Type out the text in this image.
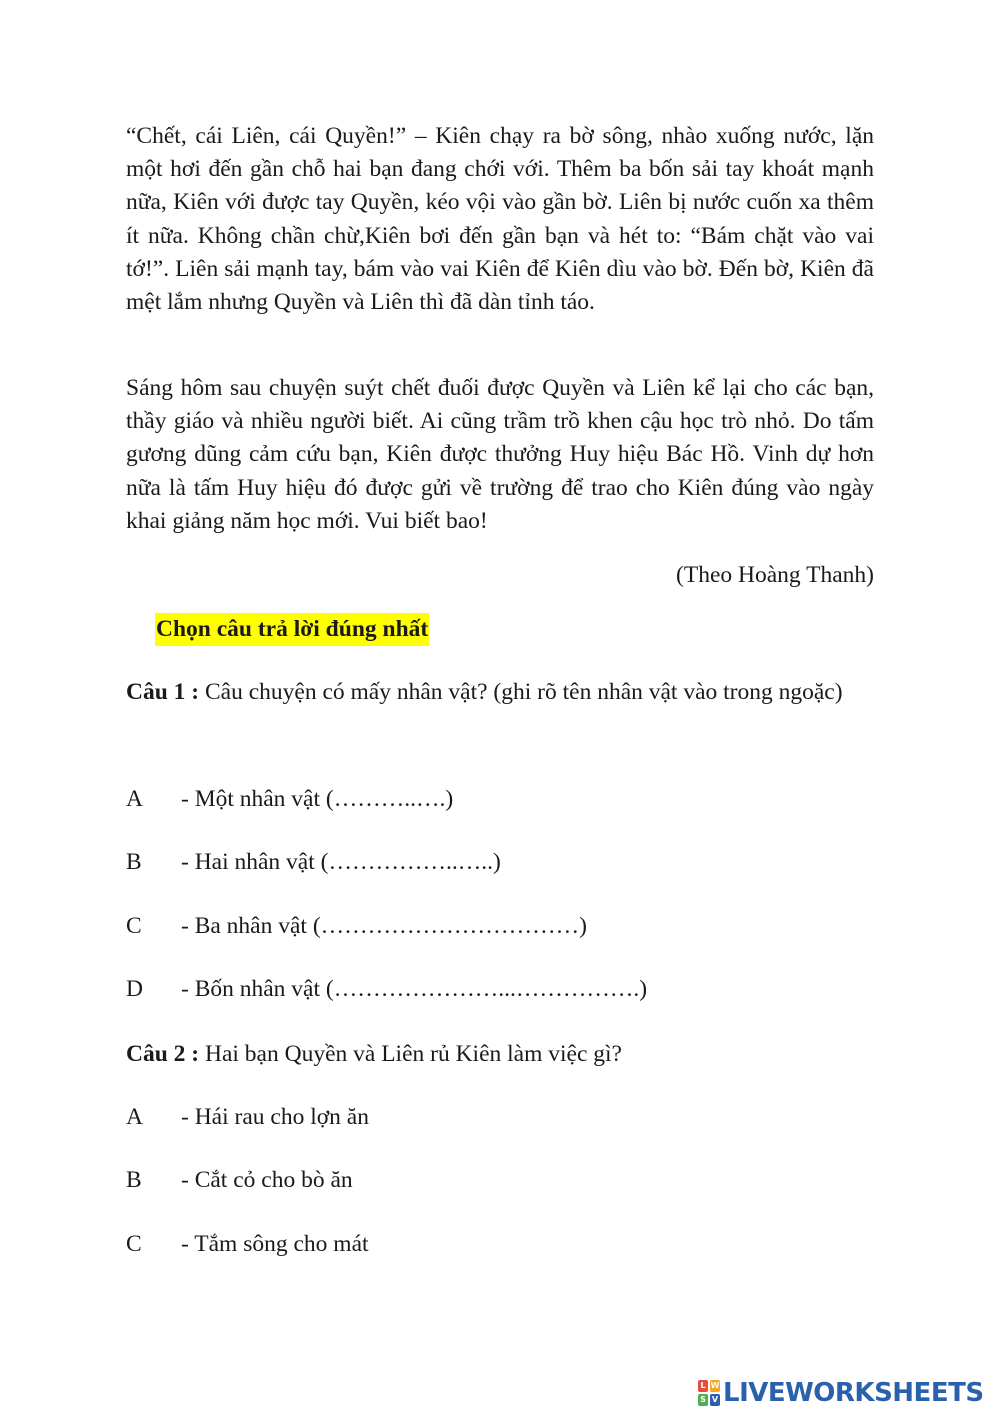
“Chết, cái Liên, cái Quyền!” – Kiên chạy ra bờ sông, nhào xuống nước, lặn một hơi đến gần chỗ hai bạn đang chới với. Thêm ba bốn sải tay khoát mạnh nữa, Kiên với được tay Quyền, kéo vội vào gần bờ. Liên bị nước cuốn xa thêm ít nữa. Không chần chừ,Kiên bơi đến gần bạn và hét to: “Bám chặt vào vai tớ!”. Liên sải mạnh tay, bám vào vai Kiên để Kiên dìu vào bờ. Đến bờ, Kiên đã mệt lắm nhưng Quyền và Liên thì đã dàn tỉnh táo.

Sáng hôm sau chuyện suýt chết đuối được Quyền và Liên kể lại cho các bạn, thầy giáo và nhiều người biết. Ai cũng trầm trồ khen cậu học trò nhỏ. Do tấm gương dũng cảm cứu bạn, Kiên được thưởng Huy hiệu Bác Hồ. Vinh dự hơn nữa là tấm Huy hiệu đó được gửi về trường để trao cho Kiên đúng vào ngày khai giảng năm học mới. Vui biết bao!

(Theo Hoàng Thanh)
Chọn câu trả lời đúng nhất

Câu 1 : Câu chuyện có mấy nhân vật? (ghi rõ tên nhân vật vào trong ngoặc)

A - Một nhân vật (………..….)
B - Hai nhân vật (……………..…..)
C - Ba nhân vật (……………………………)
D - Bốn nhân vật (…………………...…………….)

Câu 2 : Hai bạn Quyền và Liên rủ Kiên làm việc gì?

A - Hái rau cho lợn ăn
B - Cắt cỏ cho bò ăn
C - Tắm sông cho mát
L W
S V LIVEWORKSHEETS
